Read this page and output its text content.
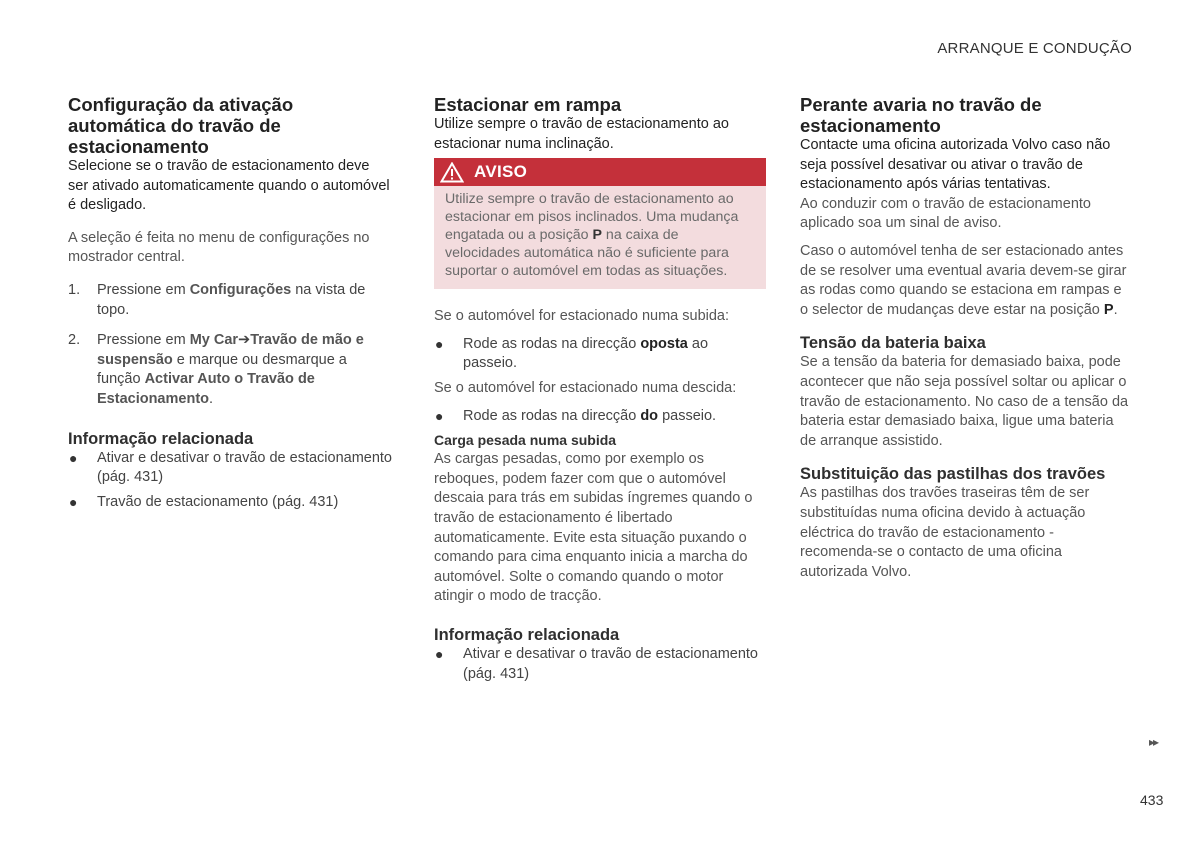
ARRANQUE E CONDUÇÃO
Configuração da ativação automática do travão de estacionamento

Selecione se o travão de estacionamento deve ser ativado automaticamente quando o automóvel é desligado.

A seleção é feita no menu de configurações no mostrador central.

1. Pressione em Configurações na vista de topo.
2. Pressione em My Car➔Travão de mão e suspensão e marque ou desmarque a função Activar Auto o Travão de Estacionamento.
Informação relacionada
● Ativar e desativar o travão de estacionamento (pág. 431)
● Travão de estacionamento (pág. 431)
Estacionar em rampa

Utilize sempre o travão de estacionamento ao estacionar numa inclinação.

AVISO
Utilize sempre o travão de estacionamento ao estacionar em pisos inclinados. Uma mudança engatada ou a posição P na caixa de velocidades automática não é suficiente para suportar o automóvel em todas as situações.

Se o automóvel for estacionado numa subida:

● Rode as rodas na direcção oposta ao passeio.

Se o automóvel for estacionado numa descida:

● Rode as rodas na direcção do passeio.
Carga pesada numa subida

As cargas pesadas, como por exemplo os reboques, podem fazer com que o automóvel descaia para trás em subidas íngremes quando o travão de estacionamento é libertado automaticamente. Evite esta situação puxando o comando para cima enquanto inicia a marcha do automóvel. Solte o comando quando o motor atingir o modo de tracção.

Informação relacionada
● Ativar e desativar o travão de estacionamento (pág. 431)
Perante avaria no travão de estacionamento

Contacte uma oficina autorizada Volvo caso não seja possível desativar ou ativar o travão de estacionamento após várias tentativas.

Ao conduzir com o travão de estacionamento aplicado soa um sinal de aviso.

Caso o automóvel tenha de ser estacionado antes de se resolver uma eventual avaria devem-se girar as rodas como quando se estaciona em rampas e o selector de mudanças deve estar na posição P.

Tensão da bateria baixa

Se a tensão da bateria for demasiado baixa, pode acontecer que não seja possível soltar ou aplicar o travão de estacionamento. No caso de a tensão da bateria estar demasiado baixa, ligue uma bateria de arranque assistido.

Substituição das pastilhas dos travões

As pastilhas dos travões traseiras têm de ser substituídas numa oficina devido à actuação eléctrica do travão de estacionamento - recomenda-se o contacto de uma oficina autorizada Volvo.

▸▸
433
